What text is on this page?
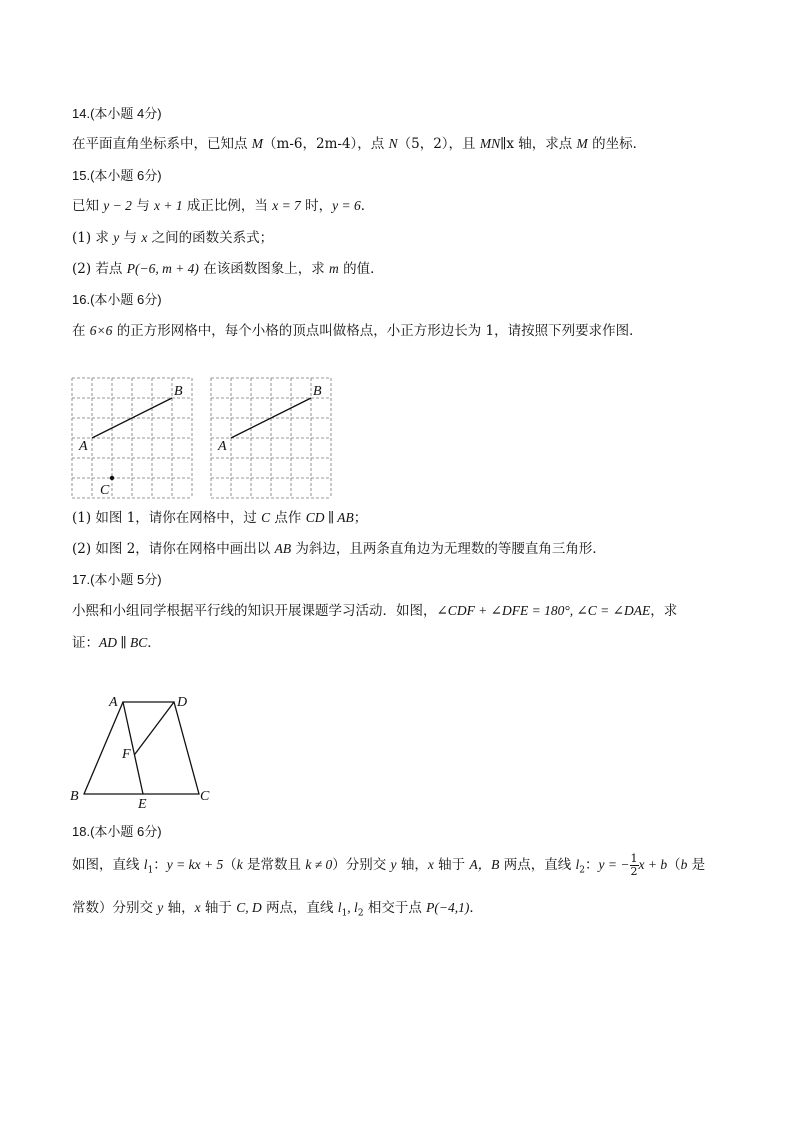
14.(本小题 4分)
在平面直角坐标系中，已知点 M（m-6，2m-4），点 N（5，2），且 MN∥x 轴，求点 M 的坐标．
15.(本小题 6分)
已知 y − 2 与 x + 1 成正比例，当 x = 7 时，y = 6．
(1) 求 y 与 x 之间的函数关系式；
(2) 若点 P(−6, m + 4) 在该函数图象上，求 m 的值．
16.(本小题 6分)
在 6×6 的正方形网格中，每个小格的顶点叫做格点，小正方形边长为 1，请按照下列要求作图．
A
B
C
A
B
(1) 如图 1，请你在网格中，过 C 点作 CD ∥ AB；
(2) 如图 2，请你在网格中画出以 AB 为斜边，且两条直角边为无理数的等腰直角三角形．
17.(本小题 5分)
小熙和小组同学根据平行线的知识开展课题学习活动．如图，∠CDF + ∠DFE = 180°, ∠C = ∠DAE，求
证：AD ∥ BC．
A	D
F
B
E
C
18.(本小题 6分)
如图，直线 $l_1$：y = kx + 5（k 是常数且 k ≠ 0）分别交 y 轴，x 轴于 A，B 两点，直线 $l_2$：y = − $\frac{1}{2}$ x + b（b 是
常数）分别交 y 轴，x 轴于 C, D 两点，直线 $l_1$, $l_2$ 相交于点 P(−4,1)．
